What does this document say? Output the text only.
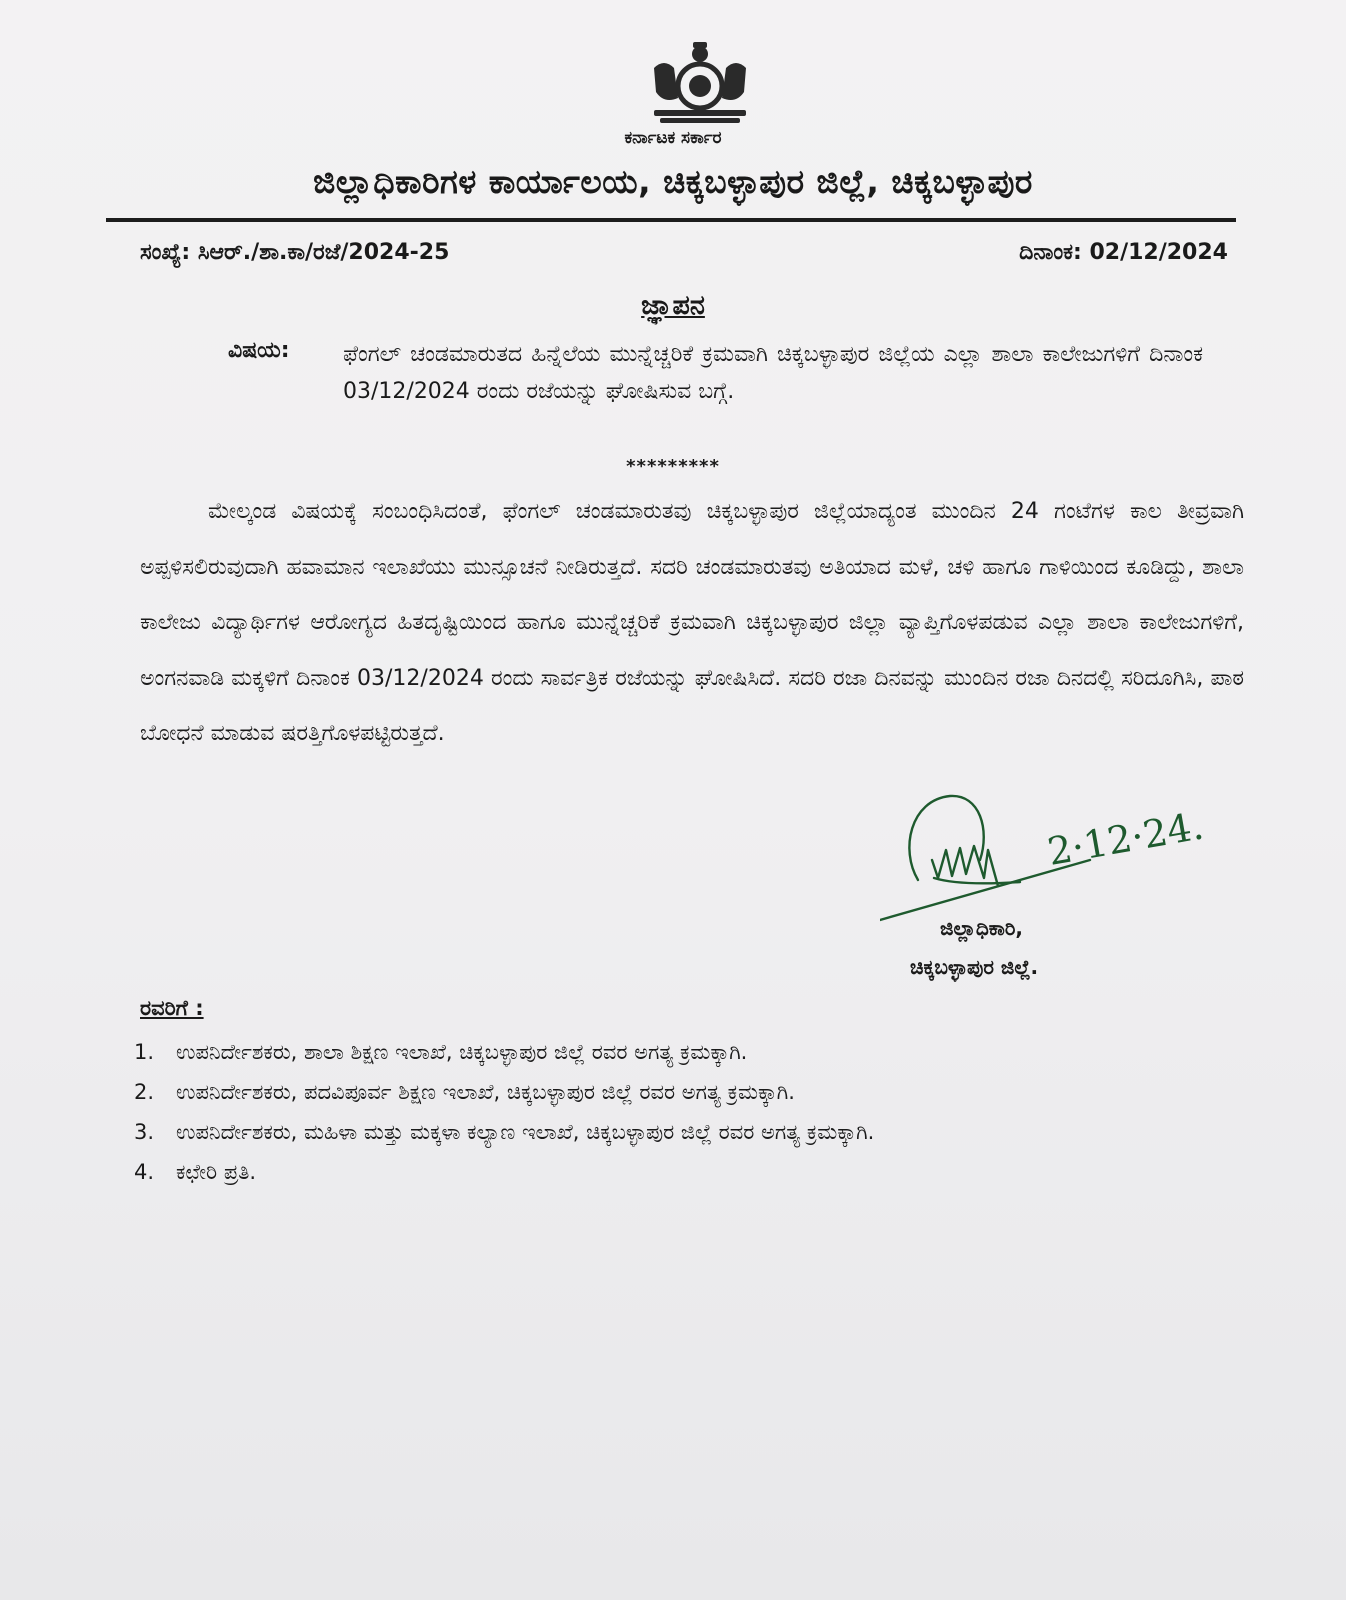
ಕರ್ನಾಟಕ ಸರ್ಕಾರ
ಜಿಲ್ಲಾಧಿಕಾರಿಗಳ ಕಾರ್ಯಾಲಯ, ಚಿಕ್ಕಬಳ್ಳಾಪುರ ಜಿಲ್ಲೆ, ಚಿಕ್ಕಬಳ್ಳಾಪುರ
ಸಂಖ್ಯೆ: ಸಿಆರ್./ಶಾ.ಕಾ/ರಜೆ/2024-25	ದಿನಾಂಕ: 02/12/2024
ಜ್ಞಾಪನ
ವಿಷಯ: ಫೆಂಗಲ್ ಚಂಡಮಾರುತದ ಹಿನ್ನೆಲೆಯ ಮುನ್ನೆಚ್ಚರಿಕೆ ಕ್ರಮವಾಗಿ ಚಿಕ್ಕಬಳ್ಳಾಪುರ ಜಿಲ್ಲೆಯ ಎಲ್ಲಾ ಶಾಲಾ ಕಾಲೇಜುಗಳಿಗೆ ದಿನಾಂಕ 03/12/2024 ರಂದು ರಜೆಯನ್ನು ಘೋಷಿಸುವ ಬಗ್ಗೆ.
*********
ಮೇಲ್ಕಂಡ ವಿಷಯಕ್ಕೆ ಸಂಬಂಧಿಸಿದಂತೆ, ಫೆಂಗಲ್ ಚಂಡಮಾರುತವು ಚಿಕ್ಕಬಳ್ಳಾಪುರ ಜಿಲ್ಲೆಯಾದ್ಯಂತ ಮುಂದಿನ 24 ಗಂಟೆಗಳ ಕಾಲ ತೀವ್ರವಾಗಿ ಅಪ್ಪಳಿಸಲಿರುವುದಾಗಿ ಹವಾಮಾನ ಇಲಾಖೆಯು ಮುನ್ಸೂಚನೆ ನೀಡಿರುತ್ತದೆ. ಸದರಿ ಚಂಡಮಾರುತವು ಅತಿಯಾದ ಮಳೆ, ಚಳಿ ಹಾಗೂ ಗಾಳಿಯಿಂದ ಕೂಡಿದ್ದು, ಶಾಲಾ ಕಾಲೇಜು ವಿದ್ಯಾರ್ಥಿಗಳ ಆರೋಗ್ಯದ ಹಿತದೃಷ್ಟಿಯಿಂದ ಹಾಗೂ ಮುನ್ನೆಚ್ಚರಿಕೆ ಕ್ರಮವಾಗಿ ಚಿಕ್ಕಬಳ್ಳಾಪುರ ಜಿಲ್ಲಾ ವ್ಯಾಪ್ತಿಗೊಳಪಡುವ ಎಲ್ಲಾ ಶಾಲಾ ಕಾಲೇಜುಗಳಿಗೆ, ಅಂಗನವಾಡಿ ಮಕ್ಕಳಿಗೆ ದಿನಾಂಕ 03/12/2024 ರಂದು ಸಾರ್ವತ್ರಿಕ ರಜೆಯನ್ನು ಘೋಷಿಸಿದೆ. ಸದರಿ ರಜಾ ದಿನವನ್ನು ಮುಂದಿನ ರಜಾ ದಿನದಲ್ಲಿ ಸರಿದೂಗಿಸಿ, ಪಾಠ ಬೋಧನೆ ಮಾಡುವ ಷರತ್ತಿಗೊಳಪಟ್ಟಿರುತ್ತದೆ.
2·12·24.
ಜಿಲ್ಲಾಧಿಕಾರಿ,
ಚಿಕ್ಕಬಳ್ಳಾಪುರ ಜಿಲ್ಲೆ.
ರವರಿಗೆ :
1. ಉಪನಿರ್ದೇಶಕರು, ಶಾಲಾ ಶಿಕ್ಷಣ ಇಲಾಖೆ, ಚಿಕ್ಕಬಳ್ಳಾಪುರ ಜಿಲ್ಲೆ ರವರ ಅಗತ್ಯ ಕ್ರಮಕ್ಕಾಗಿ.
2. ಉಪನಿರ್ದೇಶಕರು, ಪದವಿಪೂರ್ವ ಶಿಕ್ಷಣ ಇಲಾಖೆ, ಚಿಕ್ಕಬಳ್ಳಾಪುರ ಜಿಲ್ಲೆ ರವರ ಅಗತ್ಯ ಕ್ರಮಕ್ಕಾಗಿ.
3. ಉಪನಿರ್ದೇಶಕರು, ಮಹಿಳಾ ಮತ್ತು ಮಕ್ಕಳಾ ಕಲ್ಯಾಣ ಇಲಾಖೆ, ಚಿಕ್ಕಬಳ್ಳಾಪುರ ಜಿಲ್ಲೆ ರವರ ಅಗತ್ಯ ಕ್ರಮಕ್ಕಾಗಿ.
4. ಕಛೇರಿ ಪ್ರತಿ.
